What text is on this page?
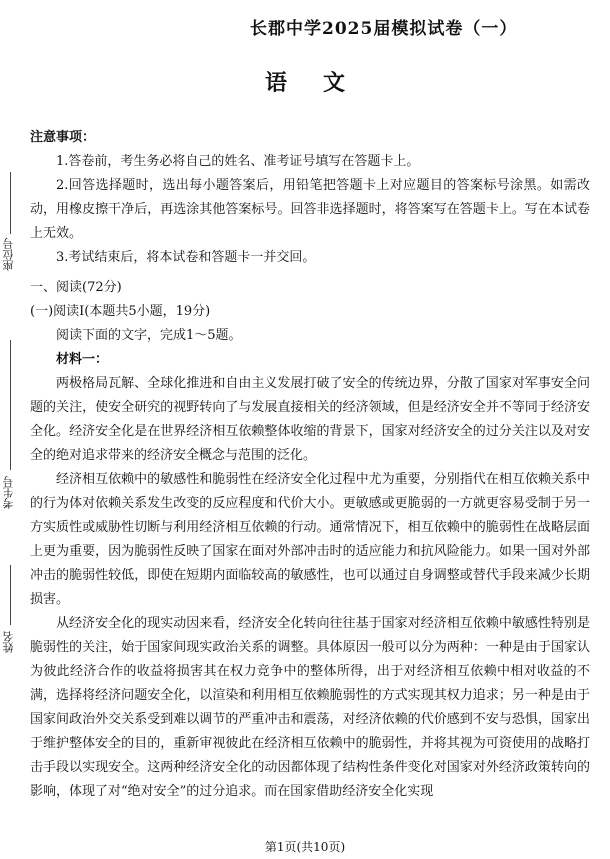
座位号
考生号
姓名
长郡中学2025届模拟试卷（一）
语文

注意事项：

1.答卷前，考生务必将自己的姓名、准考证号填写在答题卡上。

2.回答选择题时，选出每小题答案后，用铅笔把答题卡上对应题目的答案标号涂黑。如需改动，用橡皮擦干净后，再选涂其他答案标号。回答非选择题时，将答案写在答题卡上。写在本试卷上无效。

3.考试结束后，将本试卷和答题卡一并交回。

一、阅读(72分)

(一)阅读Ⅰ(本题共5小题，19分)

阅读下面的文字，完成1～5题。

材料一：

两极格局瓦解、全球化推进和自由主义发展打破了安全的传统边界，分散了国家对军事安全问题的关注，使安全研究的视野转向了与发展直接相关的经济领域，但是经济安全并不等同于经济安全化。经济安全化是在世界经济相互依赖整体收缩的背景下，国家对经济安全的过分关注以及对安全的绝对追求带来的经济安全概念与范围的泛化。

经济相互依赖中的敏感性和脆弱性在经济安全化过程中尤为重要，分别指代在相互依赖关系中的行为体对依赖关系发生改变的反应程度和代价大小。更敏感或更脆弱的一方就更容易受制于另一方实质性或威胁性切断与利用经济相互依赖的行动。通常情况下，相互依赖中的脆弱性在战略层面上更为重要，因为脆弱性反映了国家在面对外部冲击时的适应能力和抗风险能力。如果一国对外部冲击的脆弱性较低，即使在短期内面临较高的敏感性，也可以通过自身调整或替代手段来减少长期损害。

从经济安全化的现实动因来看，经济安全化转向往往基于国家对经济相互依赖中敏感性特别是脆弱性的关注，始于国家间现实政治关系的调整。具体原因一般可以分为两种：一种是由于国家认为彼此经济合作的收益将损害其在权力竞争中的整体所得，出于对经济相互依赖中相对收益的不满，选择将经济问题安全化，以渲染和利用相互依赖脆弱性的方式实现其权力追求；另一种是由于国家间政治外交关系受到难以调节的严重冲击和震荡，对经济依赖的代价感到不安与恐惧，国家出于维护整体安全的目的，重新审视彼此在经济相互依赖中的脆弱性，并将其视为可资使用的战略打击手段以实现安全。这两种经济安全化的动因都体现了结构性条件变化对国家对外经济政策转向的影响，体现了对“绝对安全”的过分追求。而在国家借助经济安全化实现

第1页(共10页)
